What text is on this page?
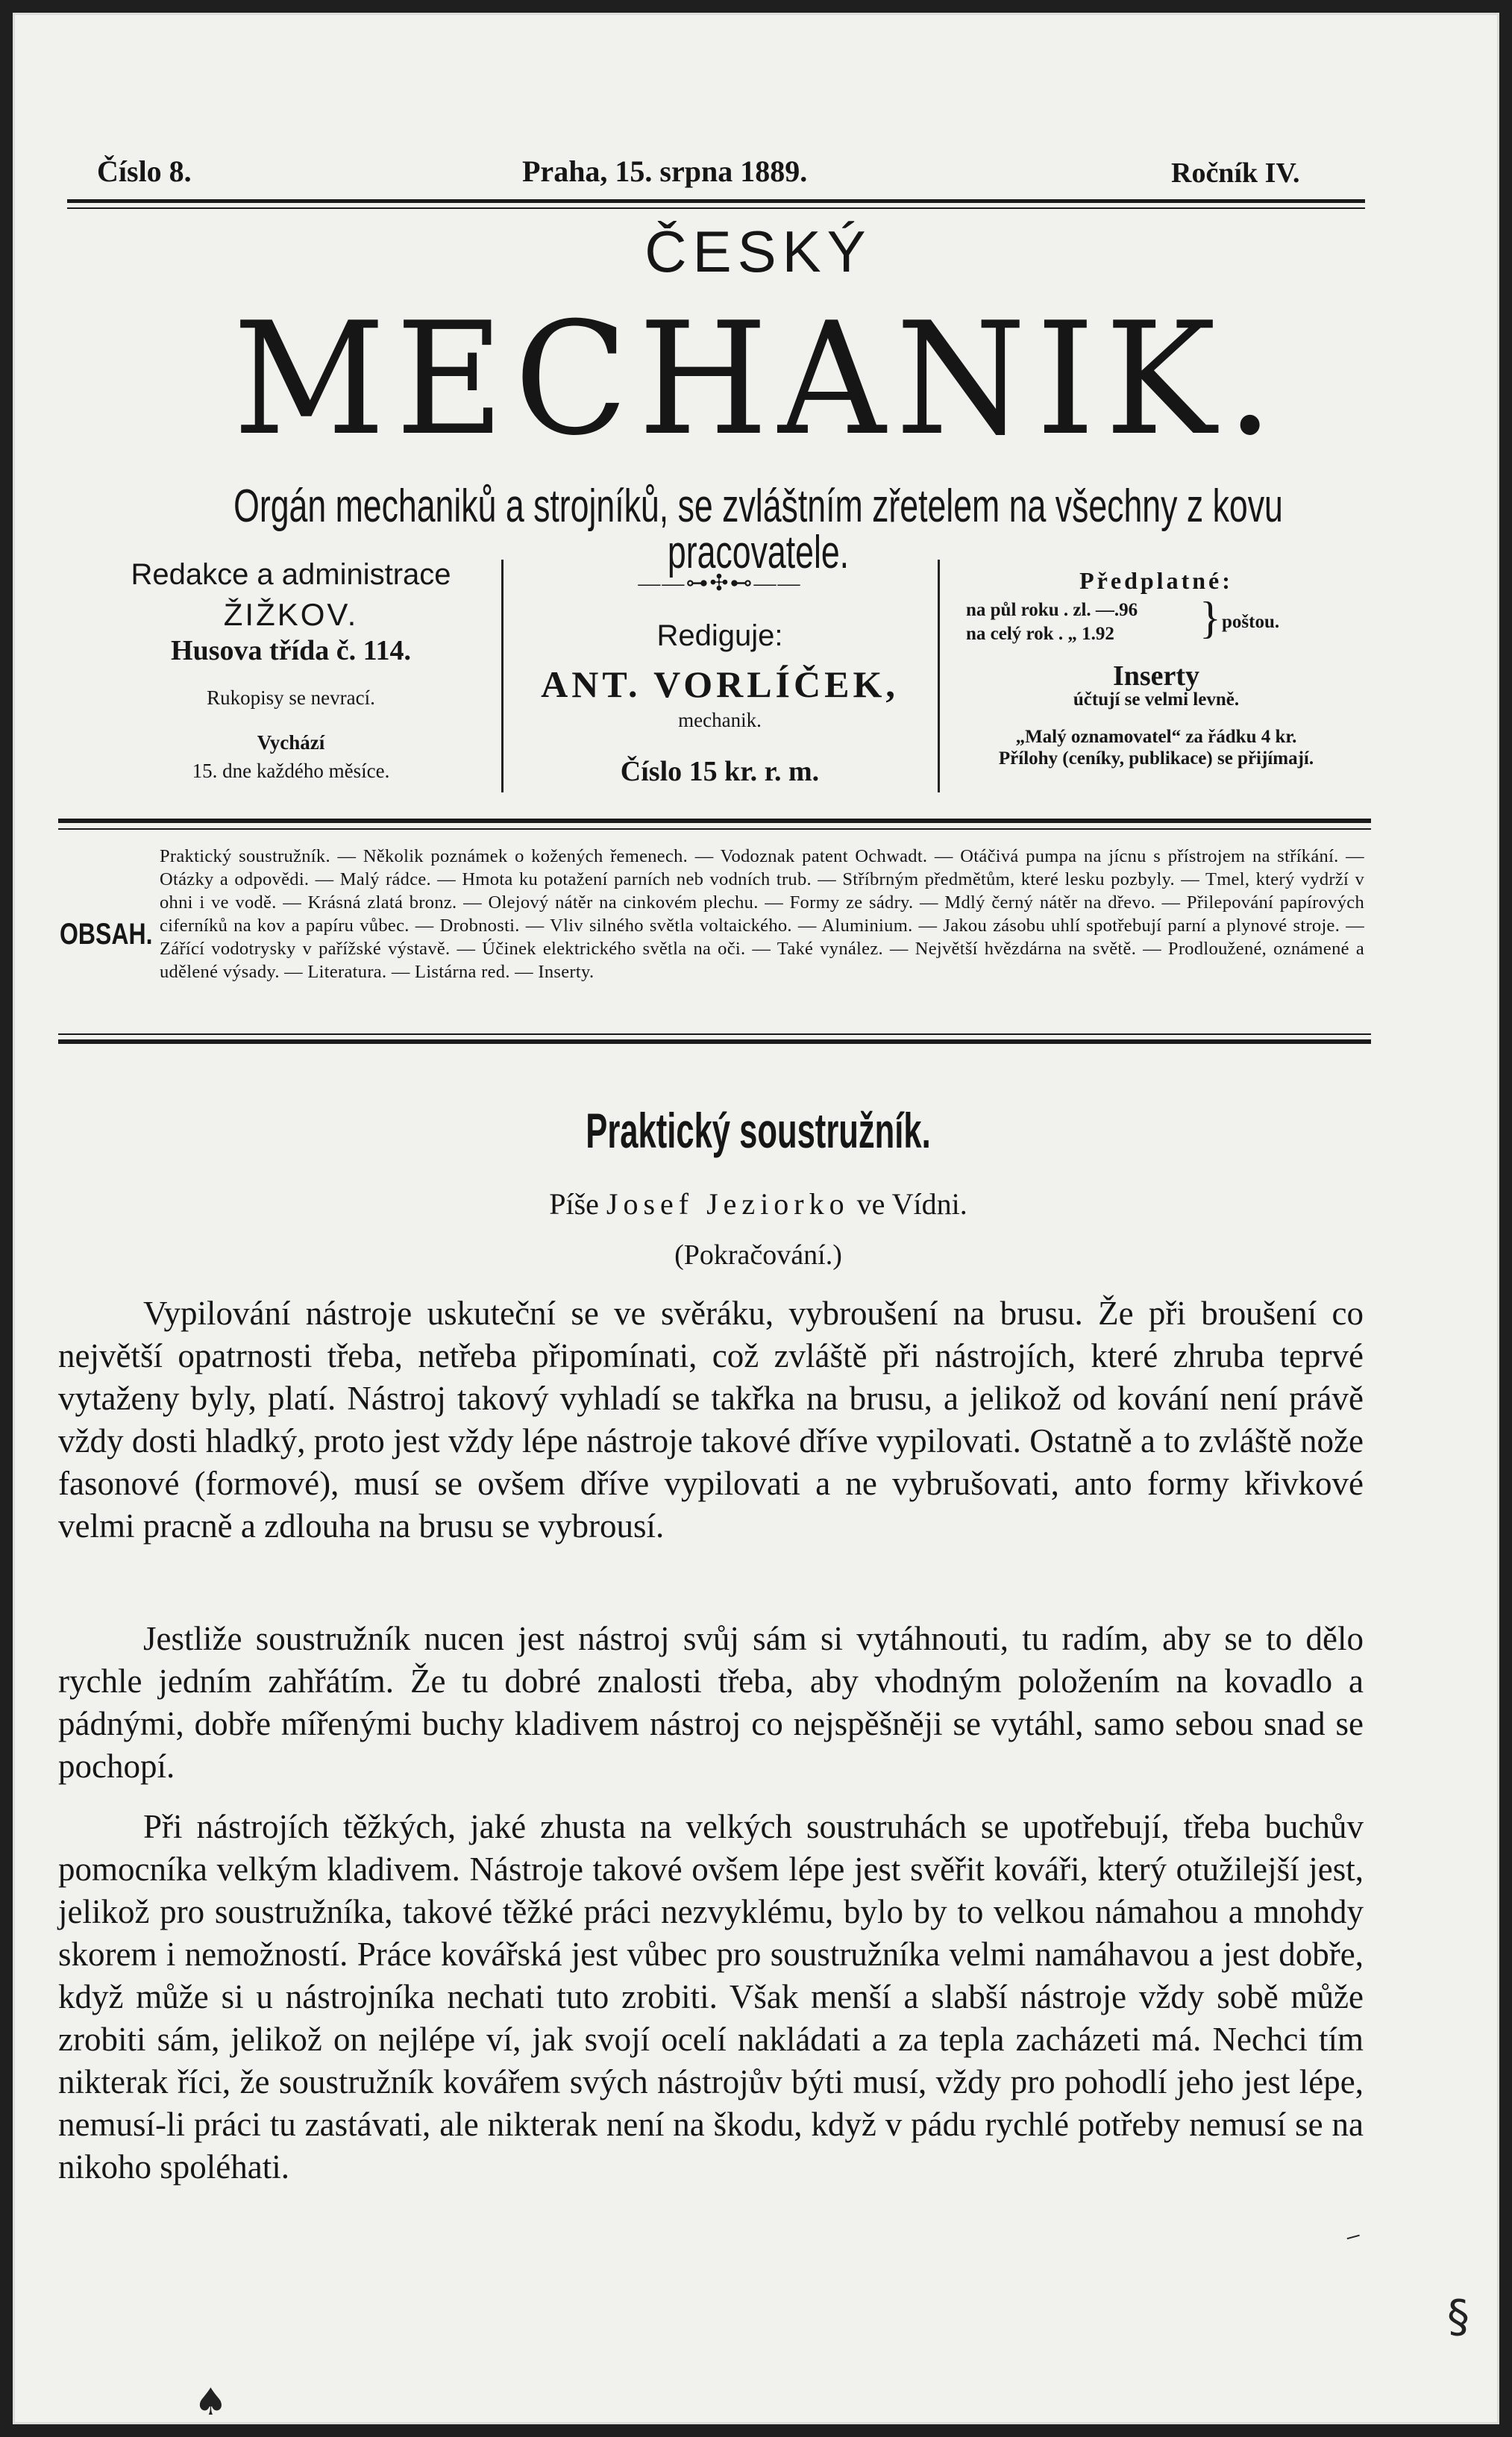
Číslo 8.	Praha, 15. srpna 1889.	Ročník IV.
ČESKÝ
MECHANIK.
Orgán mechaniků a strojníků, se zvláštním zřetelem na všechny z kovu pracovatele.
Redakce a administrace
ŽIŽKOV.
Husova třída č. 114.
Rukopisy se nevrací.
Vychází
15. dne každého měsíce.
——⊶✣⊷——
Rediguje:
ANT. VORLÍČEK,
mechanik.
Číslo 15 kr. r. m.
Předplatné:
na půl roku . zl. —.96
na celý rok . „ 1.92 } poštou.
Inserty
účtují se velmi levně.
„Malý oznamovatel“ za řádku 4 kr.
Přílohy (ceníky, publikace) se přijímají.
OBSAH.
Praktický soustružník. — Několik poznámek o kožených řemenech. — Vodoznak patent Ochwadt. — Otáčivá pumpa na jícnu s přístrojem na stříkání. — Otázky a odpovědi. — Malý rádce. — Hmota ku potažení parních neb vodních trub. — Stříbrným předmětům, které lesku pozbyly. — Tmel, který vydrží v ohni i ve vodě. — Krásná zlatá bronz. — Olejový nátěr na cinkovém plechu. — Formy ze sádry. — Mdlý černý nátěr na dřevo. — Přilepování papírových ciferníků na kov a papíru vůbec. — Drobnosti. — Vliv silného světla voltaického. — Aluminium. — Jakou zásobu uhlí spotřebují parní a plynové stroje. — Zářící vodotrysky v pařížské výstavě. — Účinek elektrického světla na oči. — Také vynález. — Největší hvězdárna na světě. — Prodloužené, oznámené a udělené výsady. — Literatura. — Listárna red. — Inserty.
Praktický soustružník.
Píše Josef Jeziorko ve Vídni.
(Pokračování.)
Vypilování nástroje uskuteční se ve svěráku, vybroušení na brusu. Že při broušení co největší opatrnosti třeba, netřeba připomínati, což zvláště při nástrojích, které zhruba teprvé vytaženy byly, platí. Nástroj takový vyhladí se takřka na brusu, a jelikož od kování není právě vždy dosti hladký, proto jest vždy lépe nástroje takové dříve vypilovati. Ostatně a to zvláště nože fasonové (formové), musí se ovšem dříve vypilovati a ne vybrušovati, anto formy křivkové velmi pracně a zdlouha na brusu se vybrousí.
Jestliže soustružník nucen jest nástroj svůj sám si vytáhnouti, tu radím, aby se to dělo rychle jedním zahřátím. Že tu dobré znalosti třeba, aby vhodným položením na kovadlo a pádnými, dobře mířenými buchy kladivem nástroj co nejspěšněji se vytáhl, samo sebou snad se pochopí.
Při nástrojích těžkých, jaké zhusta na velkých soustruhách se upotřebují, třeba buchův pomocníka velkým kladivem. Nástroje takové ovšem lépe jest svěřit kováři, který otužilejší jest, jelikož pro soustružníka, takové těžké práci nezvyklému, bylo by to velkou námahou a mnohdy skorem i nemožností. Práce kovářská jest vůbec pro soustružníka velmi namáhavou a jest dobře, když může si u nástrojníka nechati tuto zrobiti. Však menší a slabší nástroje vždy sobě může zrobiti sám, jelikož on nejlépe ví, jak svojí ocelí nakládati a za tepla zacházeti má. Nechci tím nikterak říci, že soustružník kovářem svých nástrojův býti musí, vždy pro pohodlí jeho jest lépe, nemusí-li práci tu zastávati, ale nikterak není na škodu, když v pádu rychlé potřeby nemusí se na nikoho spoléhati.
⸝
§
♠
